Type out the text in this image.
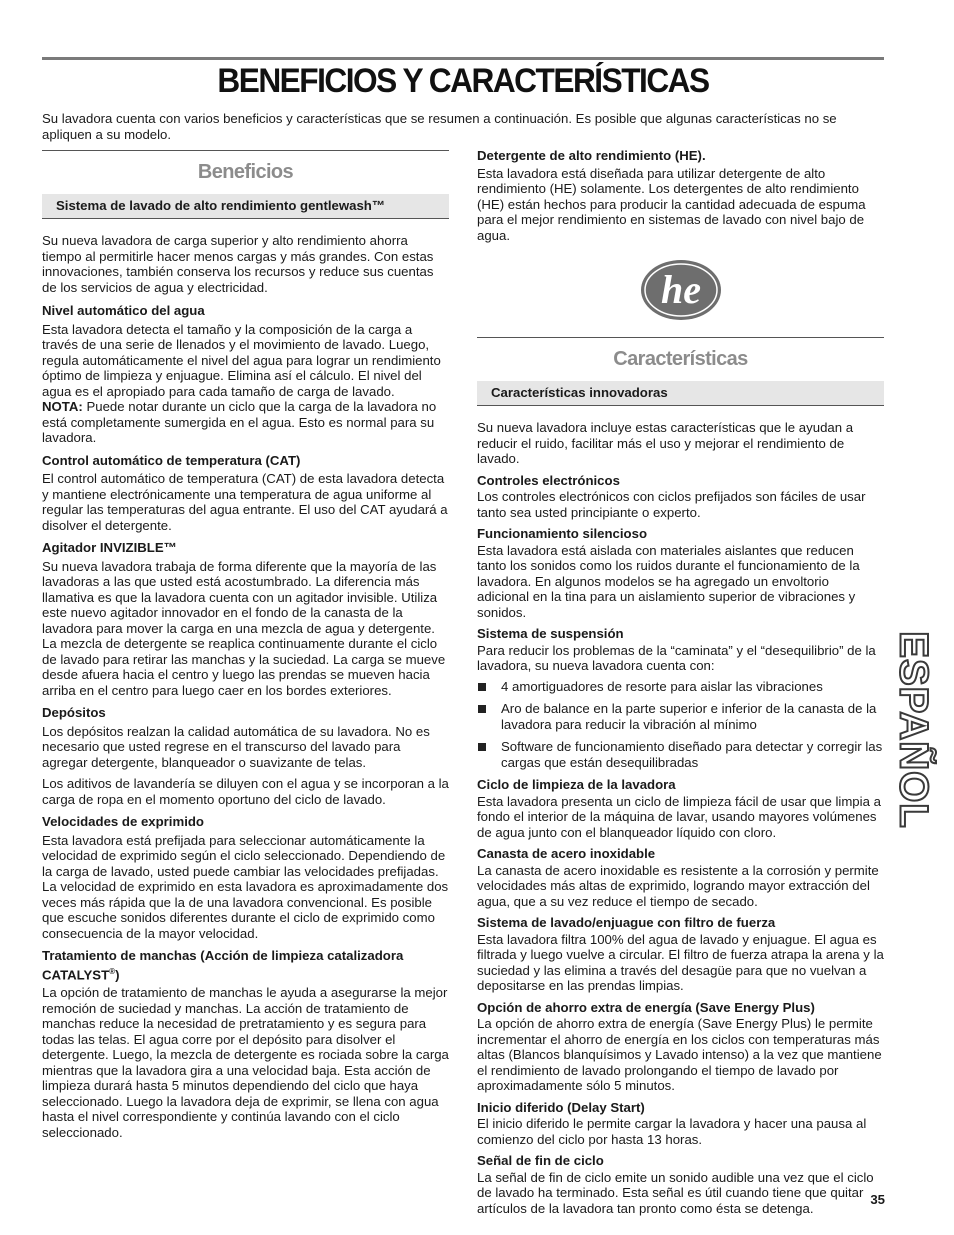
BENEFICIOS Y CARACTERÍSTICAS

Su lavadora cuenta con varios beneficios y características que se resumen a continuación. Es posible que algunas características no se apliquen a su modelo.

Beneficios
Sistema de lavado de alto rendimiento gentlewash™

Su nueva lavadora de carga superior y alto rendimiento ahorra tiempo al permitirle hacer menos cargas y más grandes. Con estas innovaciones, también conserva los recursos y reduce sus cuentas de los servicios de agua y electricidad.

Nivel automático del agua

Esta lavadora detecta el tamaño y la composición de la carga a través de una serie de llenados y el movimiento de lavado. Luego, regula automáticamente el nivel del agua para lograr un rendimiento óptimo de limpieza y enjuague. Elimina así el cálculo. El nivel del agua es el apropiado para cada tamaño de carga de lavado.

NOTA: Puede notar durante un ciclo que la carga de la lavadora no está completamente sumergida en el agua. Esto es normal para su lavadora.

Control automático de temperatura (CAT)

El control automático de temperatura (CAT) de esta lavadora detecta y mantiene electrónicamente una temperatura de agua uniforme al regular las temperaturas del agua entrante. El uso del CAT ayudará a disolver el detergente.

Agitador INVIZIBLE™

Su nueva lavadora trabaja de forma diferente que la mayoría de las lavadoras a las que usted está acostumbrado. La diferencia más llamativa es que la lavadora cuenta con un agitador invisible. Utiliza este nuevo agitador innovador en el fondo de la canasta de la lavadora para mover la carga en una mezcla de agua y detergente. La mezcla de detergente se reaplica continuamente durante el ciclo de lavado para retirar las manchas y la suciedad. La carga se mueve desde afuera hacia el centro y luego las prendas se mueven hacia arriba en el centro para luego caer en los bordes exteriores.

Depósitos

Los depósitos realzan la calidad automática de su lavadora. No es necesario que usted regrese en el transcurso del lavado para agregar detergente, blanqueador o suavizante de telas.

Los aditivos de lavandería se diluyen con el agua y se incorporan a la carga de ropa en el momento oportuno del ciclo de lavado.

Velocidades de exprimido

Esta lavadora está prefijada para seleccionar automáticamente la velocidad de exprimido según el ciclo seleccionado. Dependiendo de la carga de lavado, usted puede cambiar las velocidades prefijadas. La velocidad de exprimido en esta lavadora es aproximadamente dos veces más rápida que la de una lavadora convencional. Es posible que escuche sonidos diferentes durante el ciclo de exprimido como consecuencia de la mayor velocidad.

Tratamiento de manchas (Acción de limpieza catalizadora CATALYST®)

La opción de tratamiento de manchas le ayuda a asegurarse la mejor remoción de suciedad y manchas. La acción de tratamiento de manchas reduce la necesidad de pretratamiento y es segura para todas las telas. El agua corre por el depósito para disolver el detergente. Luego, la mezcla de detergente es rociada sobre la carga mientras que la lavadora gira a una velocidad baja. Esta acción de limpieza durará hasta 5 minutos dependiendo del ciclo que haya seleccionado. Luego la lavadora deja de exprimir, se llena con agua hasta el nivel correspondiente y continúa lavando con el ciclo seleccionado.

Detergente de alto rendimiento (HE).

Esta lavadora está diseñada para utilizar detergente de alto rendimiento (HE) solamente. Los detergentes de alto rendimiento (HE) están hechos para producir la cantidad adecuada de espuma para el mejor rendimiento en sistemas de lavado con nivel bajo de agua.

he
Características
Características innovadoras

Su nueva lavadora incluye estas características que le ayudan a reducir el ruido, facilitar más el uso y mejorar el rendimiento de lavado.

Controles electrónicos

Los controles electrónicos con ciclos prefijados son fáciles de usar tanto sea usted principiante o experto.

Funcionamiento silencioso

Esta lavadora está aislada con materiales aislantes que reducen tanto los sonidos como los ruidos durante el funcionamiento de la lavadora. En algunos modelos se ha agregado un envoltorio adicional en la tina para un aislamiento superior de vibraciones y sonidos.

Sistema de suspensión

Para reducir los problemas de la “caminata” y el “desequilibrio” de la lavadora, su nueva lavadora cuenta con:

4 amortiguadores de resorte para aislar las vibraciones
Aro de balance en la parte superior e inferior de la canasta de la lavadora para reducir la vibración al mínimo
Software de funcionamiento diseñado para detectar y corregir las cargas que están desequilibradas
Ciclo de limpieza de la lavadora

Esta lavadora presenta un ciclo de limpieza fácil de usar que limpia a fondo el interior de la máquina de lavar, usando mayores volúmenes de agua junto con el blanqueador líquido con cloro.

Canasta de acero inoxidable

La canasta de acero inoxidable es resistente a la corrosión y permite velocidades más altas de exprimido, logrando mayor extracción del agua, que a su vez reduce el tiempo de secado.

Sistema de lavado/enjuague con filtro de fuerza

Esta lavadora filtra 100% del agua de lavado y enjuague. El agua es filtrada y luego vuelve a circular. El filtro de fuerza atrapa la arena y la suciedad y las elimina a través del desagüe para que no vuelvan a depositarse en las prendas limpias.

Opción de ahorro extra de energía (Save Energy Plus)

La opción de ahorro extra de energía (Save Energy Plus) le permite incrementar el ahorro de energía en los ciclos con temperaturas más altas (Blancos blanquísimos y Lavado intenso) a la vez que mantiene el rendimiento de lavado prolongando el tiempo de lavado por aproximadamente sólo 5 minutos.

Inicio diferido (Delay Start)

El inicio diferido le permite cargar la lavadora y hacer una pausa al comienzo del ciclo por hasta 13 horas.

Señal de fin de ciclo

La señal de fin de ciclo emite un sonido audible una vez que el ciclo de lavado ha terminado. Esta señal es útil cuando tiene que quitar artículos de la lavadora tan pronto como ésta se detenga.

ESPAÑOL
35
